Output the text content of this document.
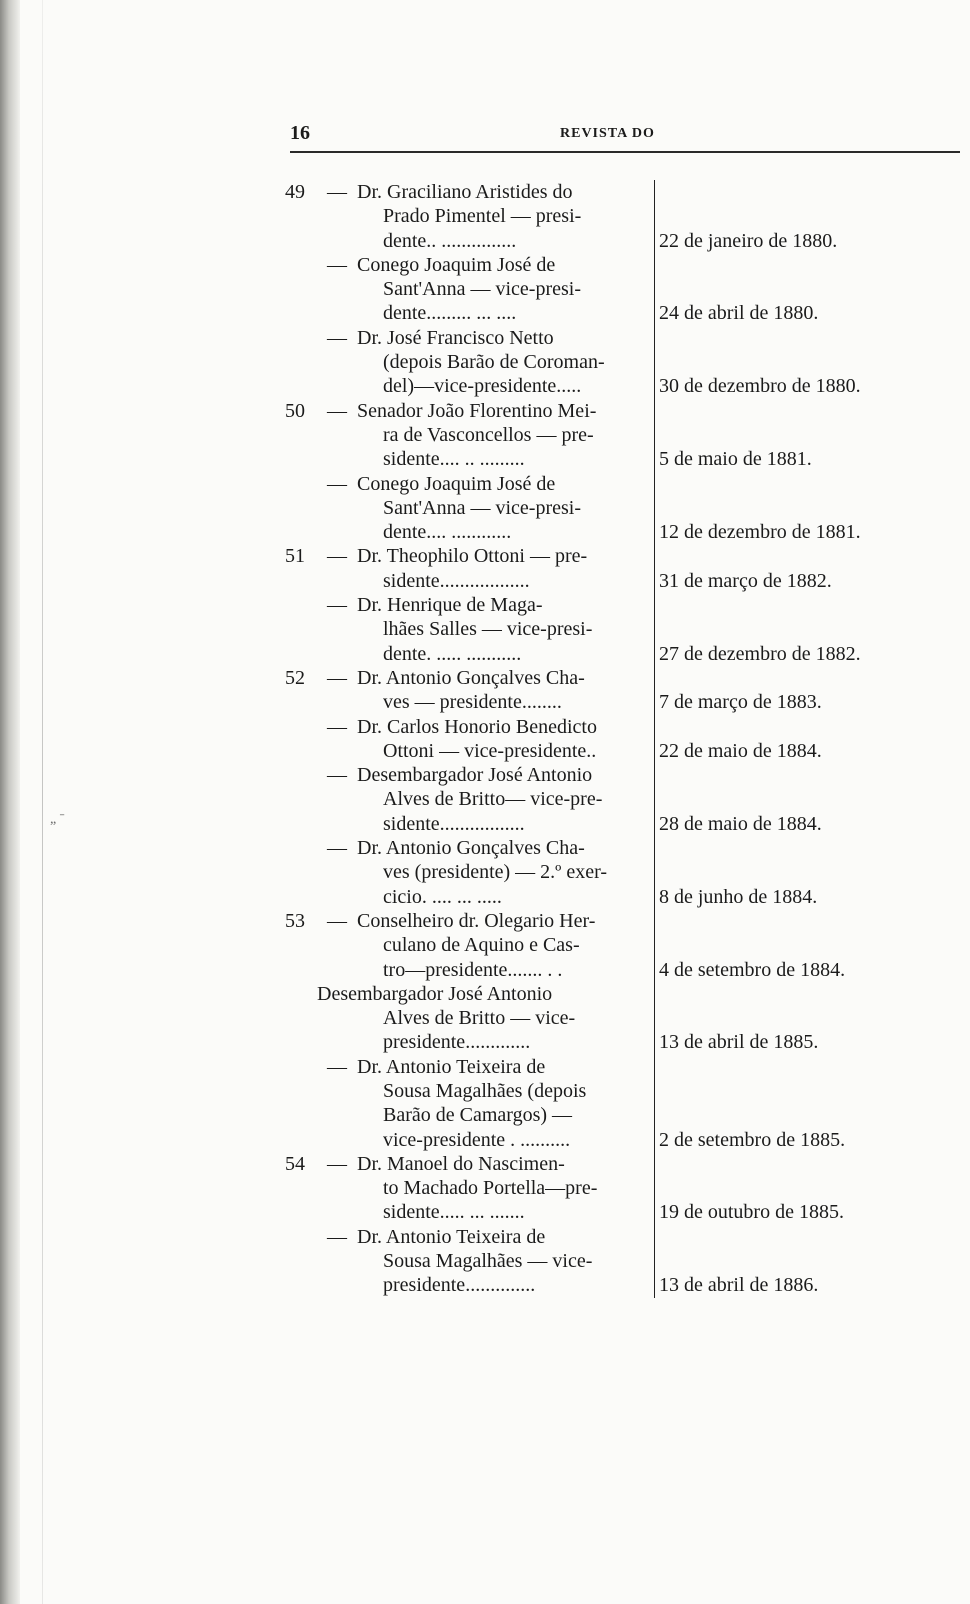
16	REVISTA DO
49	— Dr. Graciliano Aristides do
Prado Pimentel — presi-
dente.. ...............	22 de janeiro de 1880.
— Conego Joaquim José de
Sant'Anna — vice-presi-
dente......... ... ....	24 de abril de 1880.
— Dr. José Francisco Netto
(depois Barão de Coroman-
del)—vice-presidente.....	30 de dezembro de 1880.
50	— Senador João Florentino Mei-
ra de Vasconcellos — pre-
sidente.... .. .........	5 de maio de 1881.
— Conego Joaquim José de
Sant'Anna — vice-presi-
dente.... ............	12 de dezembro de 1881.
51	— Dr. Theophilo Ottoni — pre-
sidente..................	31 de março de 1882.
— Dr. Henrique de Maga-
lhães Salles — vice-presi-
dente. ..... ...........	27 de dezembro de 1882.
52	— Dr. Antonio Gonçalves Cha-
ves — presidente........	7 de março de 1883.
— Dr. Carlos Honorio Benedicto
Ottoni — vice-presidente..	22 de maio de 1884.
— Desembargador José Antonio
Alves de Britto— vice-pre-
sidente.................	28 de maio de 1884.
— Dr. Antonio Gonçalves Cha-
ves (presidente) — 2.º exer-
cicio. .... ... .....	8 de junho de 1884.
53	— Conselheiro dr. Olegario Her-
culano de Aquino e Cas-
tro—presidente....... . .	4 de setembro de 1884.
Desembargador José Antonio
Alves de Britto — vice-
presidente.............	13 de abril de 1885.
— Dr. Antonio Teixeira de
Sousa Magalhães (depois
Barão de Camargos) —
vice-presidente . ..........	2 de setembro de 1885.
54	— Dr. Manoel do Nascimen-
to Machado Portella—pre-
sidente..... ... .......	19 de outubro de 1885.
— Dr. Antonio Teixeira de
Sousa Magalhães — vice-
presidente..............	13 de abril de 1886.
„ ˉ
